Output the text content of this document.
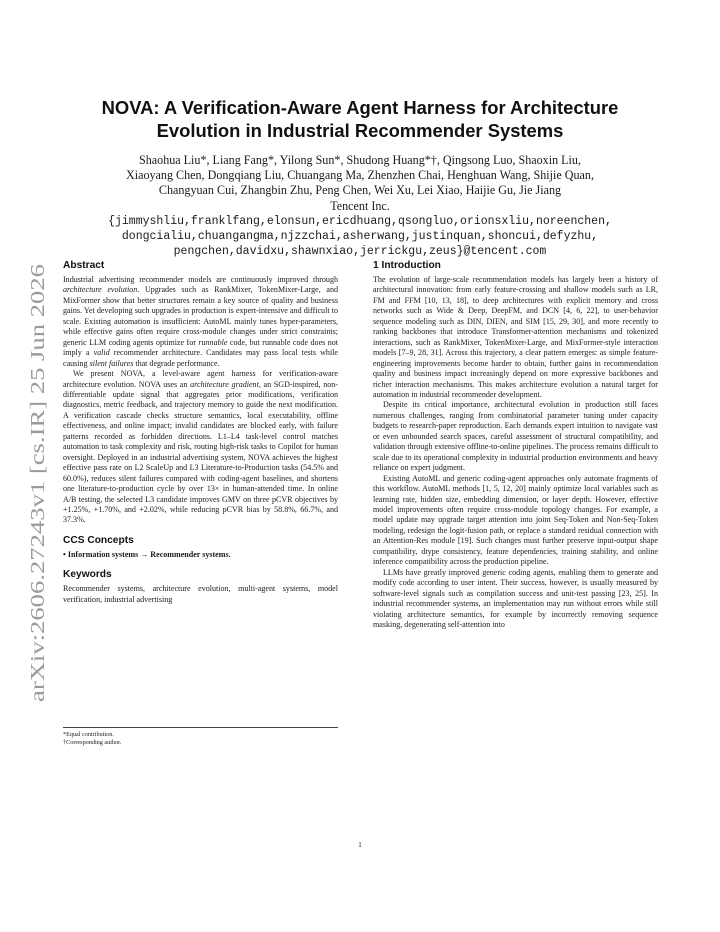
arXiv:2606.27243v1 [cs.IR] 25 Jun 2026
NOVA: A Verification-Aware Agent Harness for Architecture
Evolution in Industrial Recommender Systems
Shaohua Liu*, Liang Fang*, Yilong Sun*, Shudong Huang*†, Qingsong Luo, Shaoxin Liu,
Xiaoyang Chen, Dongqiang Liu, Chuangang Ma, Zhenzhen Chai, Henghuan Wang, Shijie Quan,
Changyuan Cui, Zhangbin Zhu, Peng Chen, Wei Xu, Lei Xiao, Haijie Gu, Jie Jiang
Tencent Inc.
{jimmyshliu,franklfang,elonsun,ericdhuang,qsongluo,orionsxliu,noreenchen,
dongcialiu,chuangangma,njzzchai,asherwang,justinquan,shoncui,defyzhu,
pengchen,davidxu,shawnxiao,jerrickgu,zeus}@tencent.com
Abstract

Industrial advertising recommender models are continuously improved through architecture evolution. Upgrades such as RankMixer, TokenMixer-Large, and MixFormer show that better structures remain a key source of quality and business gains. Yet developing such upgrades in production is expert-intensive and difficult to scale. Existing automation is insufficient: AutoML mainly tunes hyper-parameters, while effective gains often require cross-module changes under strict constraints; generic LLM coding agents optimize for runnable code, but runnable code does not imply a valid recommender architecture. Candidates may pass local tests while causing silent failures that degrade performance.

We present NOVA, a level-aware agent harness for verification-aware architecture evolution. NOVA uses an architecture gradient, an SGD-inspired, non-differentiable update signal that aggregates prior modifications, verification diagnostics, metric feedback, and trajectory memory to guide the next modification. A verification cascade checks structure semantics, local executability, offline effectiveness, and online impact; invalid candidates are blocked early, with failure patterns recorded as forbidden directions. L1–L4 task-level control matches automation to task complexity and risk, routing high-risk tasks to Copilot for human oversight. Deployed in an industrial advertising system, NOVA achieves the highest effective pass rate on L2 ScaleUp and L3 Literature-to-Production tasks (54.5% and 60.0%), reduces silent failures compared with coding-agent baselines, and shortens one literature-to-production cycle by over 13× in human-attended time. In online A/B testing, the selected L3 candidate improves GMV on three pCVR objectives by +1.25%, +1.70%, and +2.02%, while reducing pCVR bias by 58.8%, 66.7%, and 37.3%.

CCS Concepts
• Information systems → Recommender systems.
Keywords

Recommender systems, architecture evolution, multi-agent systems, model verification, industrial advertising

*Equal contribution.
†Corresponding author.
1 Introduction

The evolution of large-scale recommendation models has largely been a history of architectural innovation: from early feature-crossing and shallow models such as LR, FM and FFM [10, 13, 18], to deep architectures with explicit memory and cross networks such as Wide & Deep, DeepFM, and DCN [4, 6, 22], to user-behavior sequence modeling such as DIN, DIEN, and SIM [15, 29, 30], and more recently to ranking backbones that introduce Transformer-attention mechanisms and tokenized interactions, such as RankMixer, TokenMixer-Large, and MixFormer-style interaction models [7–9, 28, 31]. Across this trajectory, a clear pattern emerges: as simple feature-engineering improvements become harder to obtain, further gains in recommendation quality and business impact increasingly depend on more expressive backbones and richer interaction mechanisms. This makes architecture evolution a natural target for automation in industrial recommender development.

Despite its critical importance, architectural evolution in production still faces numerous challenges, ranging from combinatorial parameter tuning under capacity budgets to research-paper reproduction. Each demands expert intuition to navigate vast or even unbounded search spaces, careful assessment of structural compatibility, and validation through extensive offline-to-online pipelines. The process remains difficult to scale due to its operational complexity in industrial production environments and heavy reliance on expert judgment.

Existing AutoML and generic coding-agent approaches only automate fragments of this workflow. AutoML methods [1, 5, 12, 20] mainly optimize local variables such as learning rate, hidden size, embedding dimension, or layer depth. However, effective model improvements often require cross-module topology changes. For example, a model update may upgrade target attention into joint Seq-Token and Non-Seq-Token modeling, redesign the logit-fusion path, or replace a standard residual connection with an Attention-Res module [19]. Such changes must further preserve input-output shape compatibility, dtype consistency, feature dependencies, training stability, and online inference compatibility across the production pipeline.

LLMs have greatly improved generic coding agents, enabling them to generate and modify code according to user intent. Their success, however, is usually measured by software-level signals such as compilation success and unit-test passing [23, 25]. In industrial recommender systems, an implementation may run without errors while still violating architecture semantics, for example by incorrectly removing sequence masking, degenerating self-attention into

1
